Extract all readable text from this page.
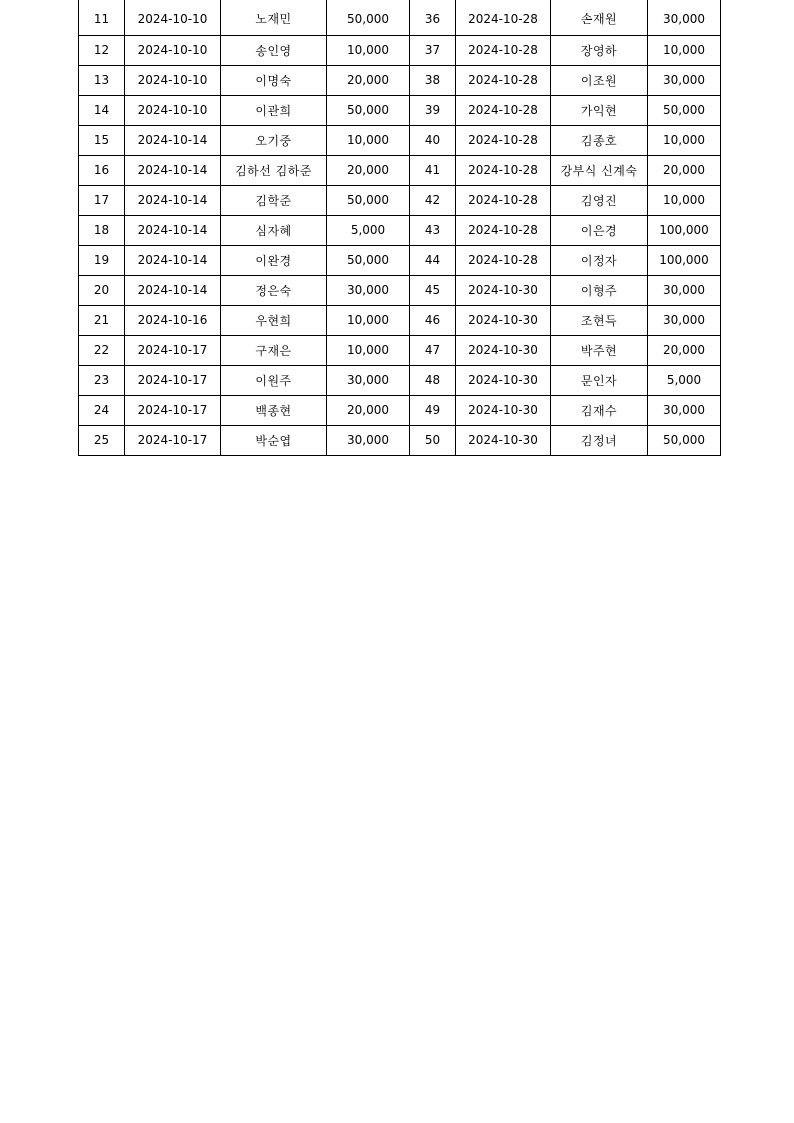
11	2024-10-10	노재민	50,000	36	2024-10-28	손재원	30,000
12	2024-10-10	송인영	10,000	37	2024-10-28	장영하	10,000
13	2024-10-10	이명숙	20,000	38	2024-10-28	이조원	30,000
14	2024-10-10	이관희	50,000	39	2024-10-28	가익현	50,000
15	2024-10-14	오기중	10,000	40	2024-10-28	김종호	10,000
16	2024-10-14	김하선 김하준	20,000	41	2024-10-28	강부식 신계숙	20,000
17	2024-10-14	김학준	50,000	42	2024-10-28	김영진	10,000
18	2024-10-14	심자혜	5,000	43	2024-10-28	이은경	100,000
19	2024-10-14	이완경	50,000	44	2024-10-28	이정자	100,000
20	2024-10-14	정은숙	30,000	45	2024-10-30	이형주	30,000
21	2024-10-16	우현희	10,000	46	2024-10-30	조현득	30,000
22	2024-10-17	구재은	10,000	47	2024-10-30	박주현	20,000
23	2024-10-17	이원주	30,000	48	2024-10-30	문인자	5,000
24	2024-10-17	백종현	20,000	49	2024-10-30	김재수	30,000
25	2024-10-17	박순엽	30,000	50	2024-10-30	김정녀	50,000
